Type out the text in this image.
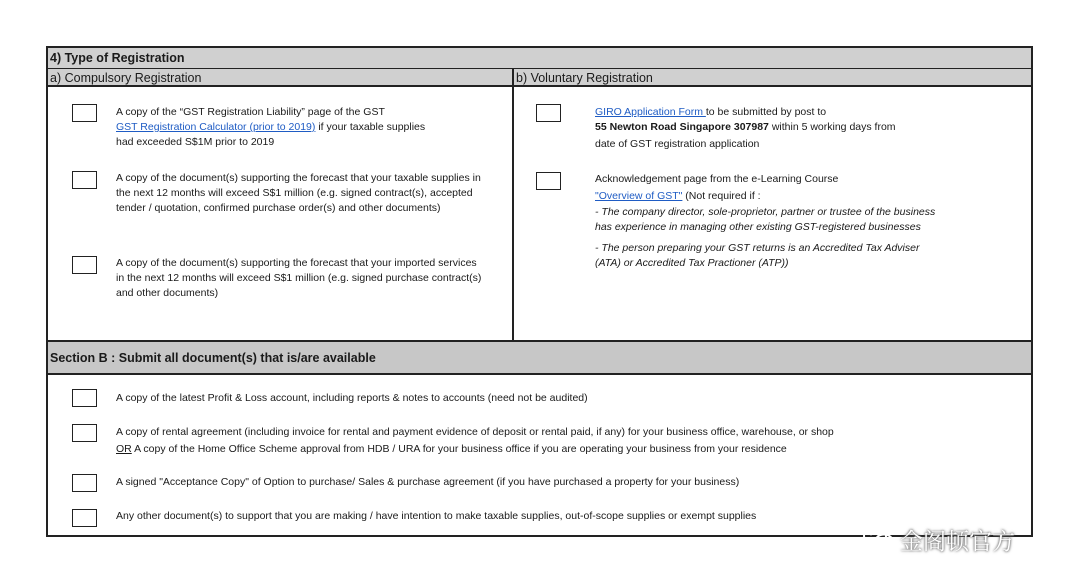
4) Type of Registration
a) Compulsory Registration	b) Voluntary Registration
A copy of the “GST Registration Liability” page of the GST
GST Registration Calculator (prior to 2019) if your taxable supplies
had exceeded S$1M prior to 2019
A copy of the document(s) supporting the forecast that your taxable supplies in the next 12 months will exceed S$1 million (e.g. signed contract(s), accepted tender / quotation, confirmed purchase order(s) and other documents)
A copy of the document(s) supporting the forecast that your imported services in the next 12 months will exceed S$1 million (e.g. signed purchase contract(s) and other documents)
GIRO Application Form to be submitted by post to
55 Newton Road Singapore 307987 within 5 working days from
date of GST registration application
Acknowledgement page from the e-Learning Course
"Overview of GST" (Not required if :
- The company director, sole-proprietor, partner or trustee of the business has experience in managing other existing GST-registered businesses
- The person preparing your GST returns is an Accredited Tax Adviser (ATA) or Accredited Tax Practioner (ATP))
Section B : Submit all document(s) that is/are available
A copy of the latest Profit & Loss account, including reports & notes to accounts (need not be audited)
A copy of rental agreement (including invoice for rental and payment evidence of deposit or rental paid, if any) for your business office, warehouse, or shop
OR A copy of the Home Office Scheme approval from HDB / URA for your business office if you are operating your business from your residence
A signed "Acceptance Copy" of Option to purchase/ Sales & purchase agreement (if you have purchased a property for your business)
Any other document(s) to support that you are making / have intention to make taxable supplies, out-of-scope supplies or exempt supplies
金阁顿官方
